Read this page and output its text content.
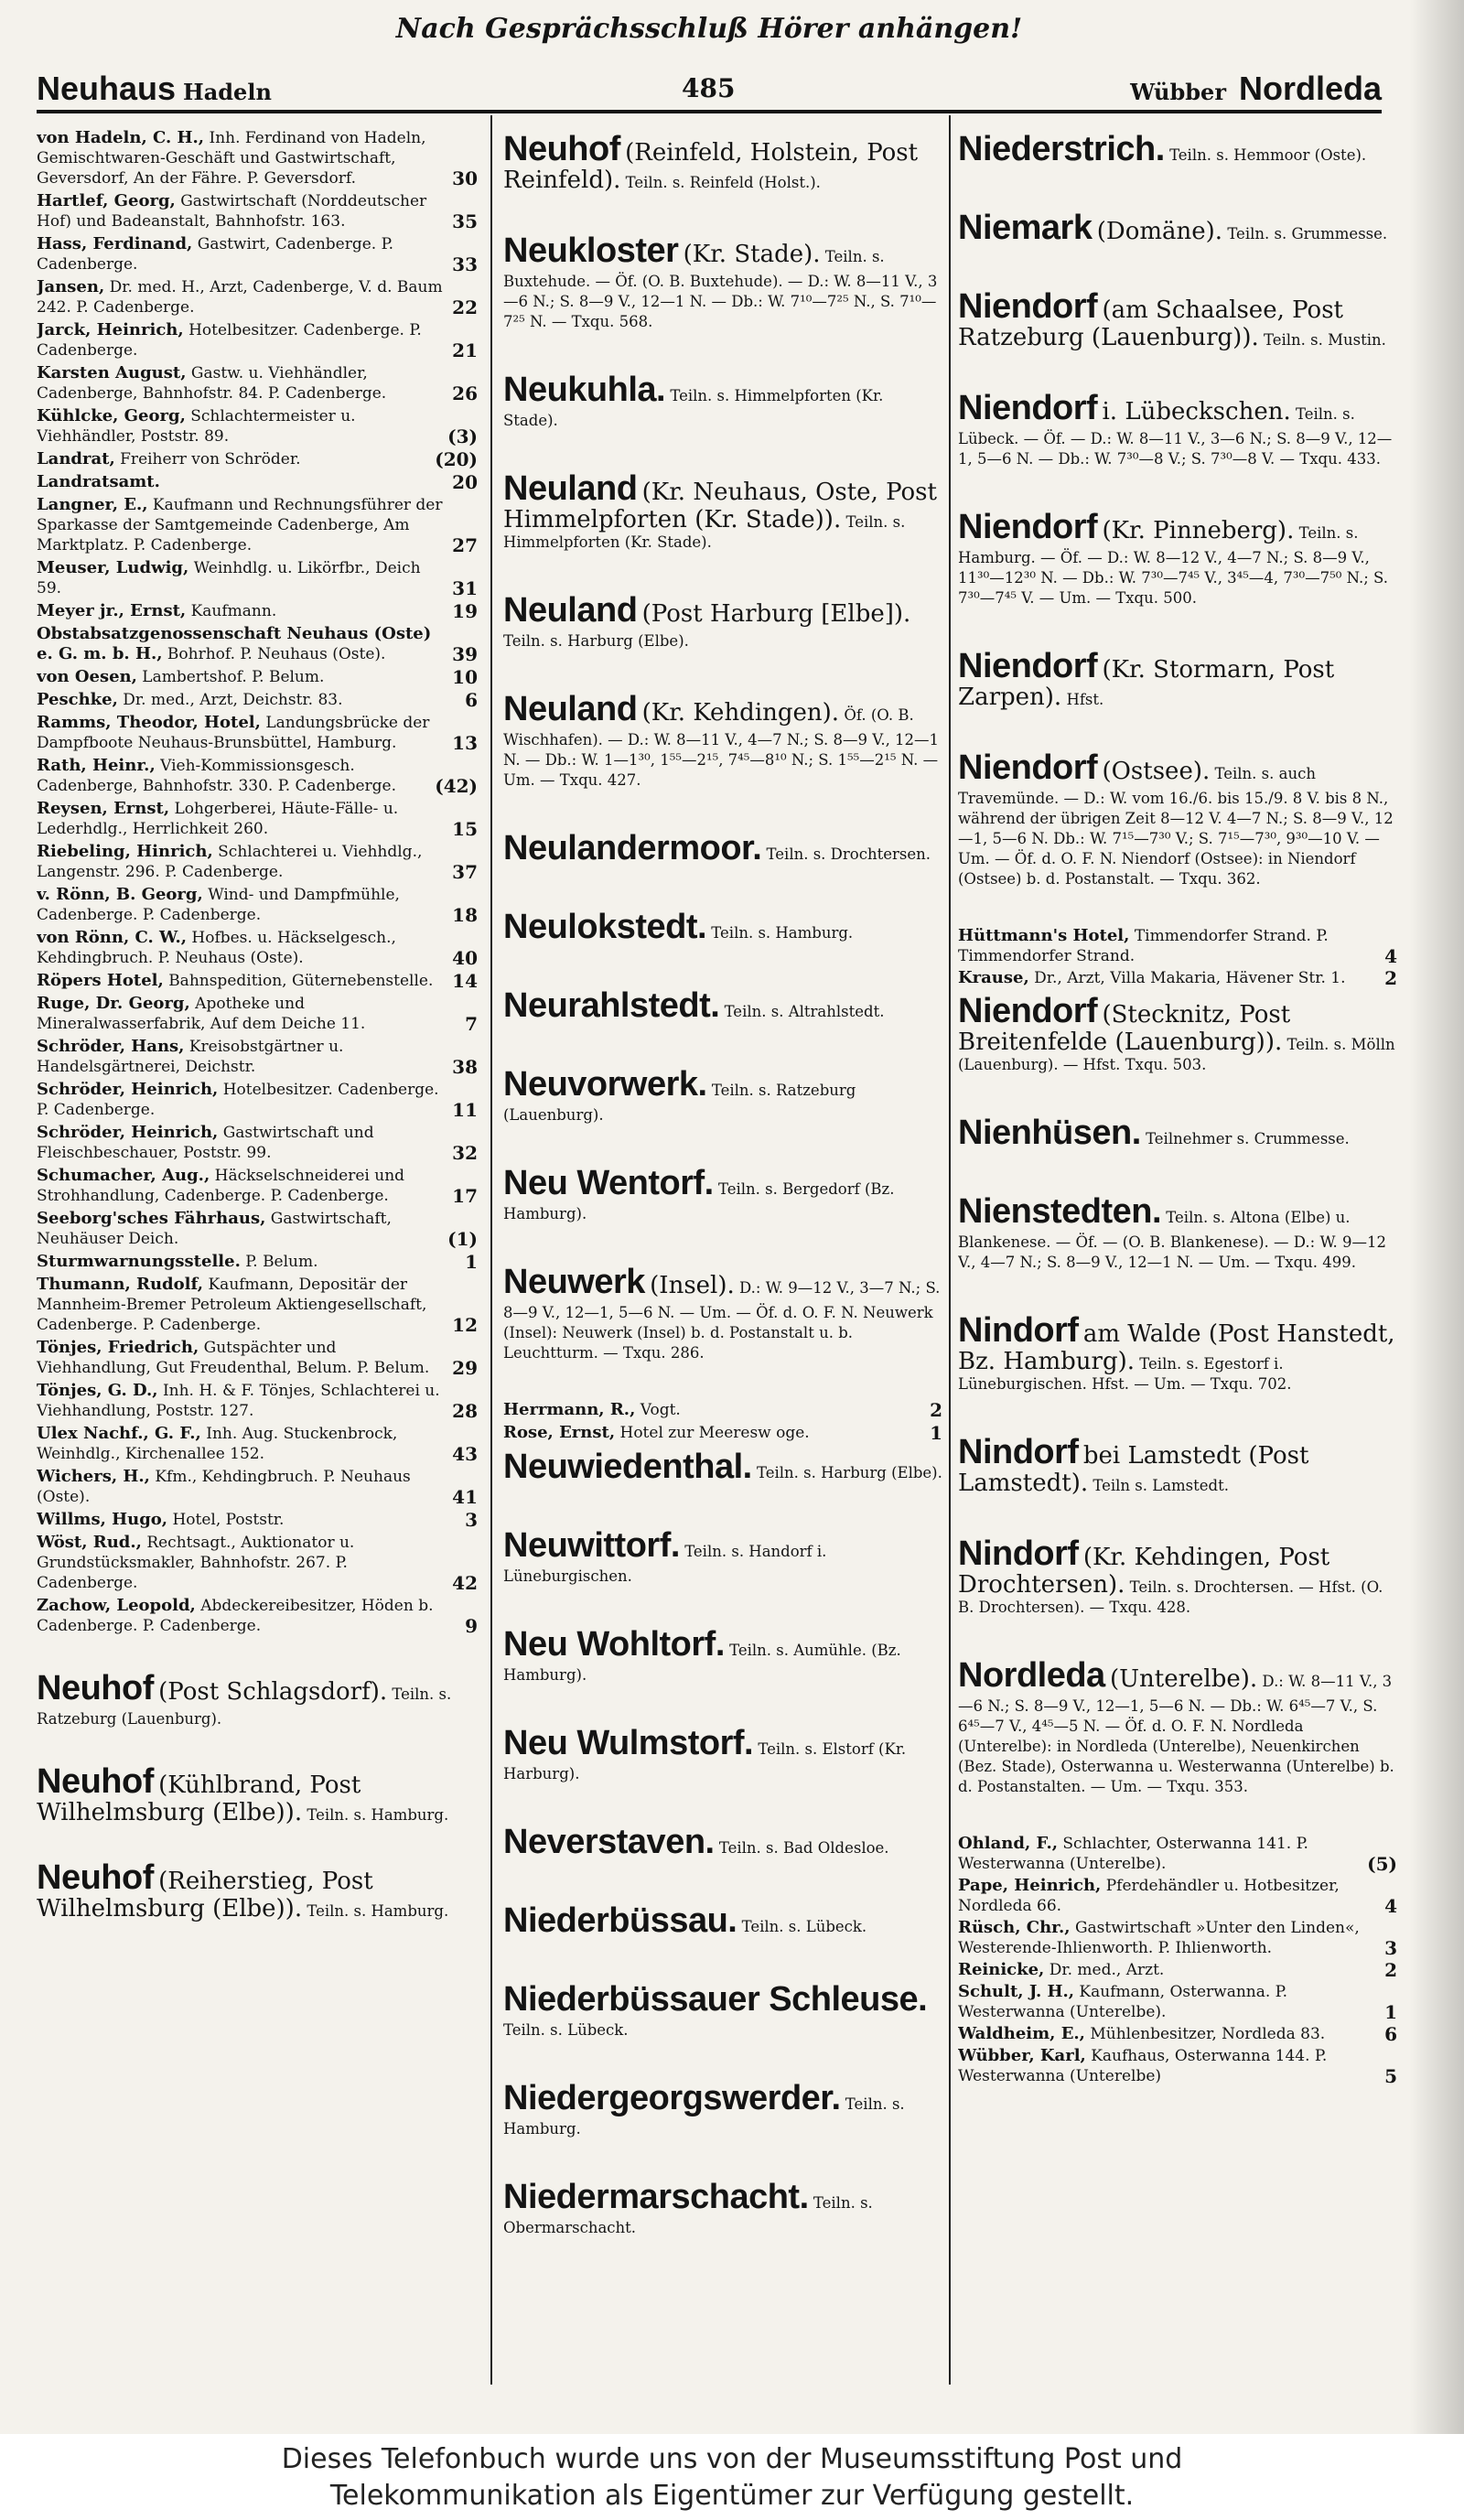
Nach Gesprächsschluß Hörer anhängen!
Neuhaus Hadeln	485	Wübber Nordleda
von Hadeln, C. H., Inh. Ferdinand von Hadeln, Gemischtwaren-Geschäft und Gastwirtschaft, Geversdorf, An der Fähre. P. Geversdorf.	30
Hartlef, Georg, Gastwirtschaft (Norddeutscher Hof) und Badeanstalt, Bahnhofstr. 163.	35
Hass, Ferdinand, Gastwirt, Cadenberge. P. Cadenberge.	33
Jansen, Dr. med. H., Arzt, Cadenberge, V. d. Baum 242. P. Cadenberge.	22
Jarck, Heinrich, Hotelbesitzer. Cadenberge. P. Cadenberge.	21
Karsten August, Gastw. u. Viehhändler, Cadenberge, Bahnhofstr. 84. P. Cadenberge.	26
Kühlcke, Georg, Schlachtermeister u. Viehhändler, Poststr. 89.	(3)
Landrat, Freiherr von Schröder.	(20)
Landratsamt.	20
Langner, E., Kaufmann und Rechnungsführer der Sparkasse der Samtgemeinde Cadenberge, Am Marktplatz. P. Cadenberge.	27
Meuser, Ludwig, Weinhdlg. u. Likörfbr., Deich 59.	31
Meyer jr., Ernst, Kaufmann.	19
Obstabsatzgenossenschaft Neuhaus (Oste) e. G. m. b. H., Bohrhof. P. Neuhaus (Oste).	39
von Oesen, Lambertshof. P. Belum.	10
Peschke, Dr. med., Arzt, Deichstr. 83.	6
Ramms, Theodor, Hotel, Landungsbrücke der Dampfboote Neuhaus-Brunsbüttel, Hamburg.	13
Rath, Heinr., Vieh-Kommissionsgesch. Cadenberge, Bahnhofstr. 330. P. Cadenberge. (42)
Reysen, Ernst, Lohgerberei, Häute-Fälle- u. Lederhdlg., Herrlichkeit 260.	15
Riebeling, Hinrich, Schlachterei u. Viehhdlg., Langenstr. 296. P. Cadenberge.	37
v. Rönn, B. Georg, Wind- und Dampfmühle, Cadenberge. P. Cadenberge.	18
von Rönn, C. W., Hofbes. u. Häckselgesch., Kehdingbruch. P. Neuhaus (Oste).	40
Röpers Hotel, Bahnspedition, Güternebenstelle. 14
Ruge, Dr. Georg, Apotheke und Mineralwasserfabrik, Auf dem Deiche 11.	7
Schröder, Hans, Kreisobstgärtner u. Handelsgärtnerei, Deichstr.	38
Schröder, Heinrich, Hotelbesitzer. Cadenberge. P. Cadenberge.	11
Schröder, Heinrich, Gastwirtschaft und Fleischbeschauer, Poststr. 99.	32
Schumacher, Aug., Häckselschneiderei und Strohhandlung, Cadenberge. P. Cadenberge.	17
Seeborg'sches Fährhaus, Gastwirtschaft, Neuhäuser Deich.	(1)
Sturmwarnungsstelle. P. Belum.	1
Thumann, Rudolf, Kaufmann, Depositär der Mannheim-Bremer Petroleum Aktiengesellschaft, Cadenberge. P. Cadenberge.	12
Tönjes, Friedrich, Gutspächter und Viehhandlung, Gut Freudenthal, Belum. P. Belum. 29
Tönjes, G. D., Inh. H. & F. Tönjes, Schlachterei u. Viehhandlung, Poststr. 127.	28
Ulex Nachf., G. F., Inh. Aug. Stuckenbrock, Weinhdlg., Kirchenallee 152.	43
Wichers, H., Kfm., Kehdingbruch. P. Neuhaus (Oste).	41
Willms, Hugo, Hotel, Poststr.	3
Wöst, Rud., Rechtsagt., Auktionator u. Grundstücksmakler, Bahnhofstr. 267. P. Cadenberge.	42
Zachow, Leopold, Abdeckereibesitzer, Höden b. Cadenberge. P. Cadenberge.	9
Neuhof (Post Schlagsdorf). Teiln. s. Ratzeburg (Lauenburg).
Neuhof (Kühlbrand, Post Wilhelmsburg (Elbe)). Teiln. s. Hamburg.
Neuhof (Reiherstieg, Post Wilhelmsburg (Elbe)). Teiln. s. Hamburg.
Neuhof (Reinfeld, Holstein, Post Reinfeld). Teiln. s. Reinfeld (Holst.).
Neukloster (Kr. Stade). Teiln. s. Buxtehude. — Öf. (O. B. Buxtehude). — D.: W. 8—11 V., 3—6 N.; S. 8—9 V., 12—1 N. — Db.: W. 7¹⁰—7²⁵ N., S. 7¹⁰—7²⁵ N. — Txqu. 568.
Neukuhla. Teiln. s. Himmelpforten (Kr. Stade).
Neuland (Kr. Neuhaus, Oste, Post Himmelpforten (Kr. Stade)). Teiln. s. Himmelpforten (Kr. Stade).
Neuland (Post Harburg [Elbe]). Teiln. s. Harburg (Elbe).
Neuland (Kr. Kehdingen). Öf. (O. B. Wischhafen). — D.: W. 8—11 V., 4—7 N.; S. 8—9 V., 12—1 N. — Db.: W. 1—1³⁰, 1⁵⁵—2¹⁵, 7⁴⁵—8¹⁰ N.; S. 1⁵⁵—2¹⁵ N. — Um. — Txqu. 427.
Neulandermoor. Teiln. s. Drochtersen.
Neulokstedt. Teiln. s. Hamburg.
Neurahlstedt. Teiln. s. Altrahlstedt.
Neuvorwerk. Teiln. s. Ratzeburg (Lauenburg).
Neu Wentorf. Teiln. s. Bergedorf (Bz. Hamburg).
Neuwerk (Insel). D.: W. 9—12 V., 3—7 N.; S. 8—9 V., 12—1, 5—6 N. — Um. — Öf. d. O. F. N. Neuwerk (Insel): Neuwerk (Insel) b. d. Postanstalt u. b. Leuchtturm. — Txqu. 286.
Herrmann, R., Vogt.	2
Rose, Ernst, Hotel zur Meeresw oge.	1
Neuwiedenthal. Teiln. s. Harburg (Elbe).
Neuwittorf. Teiln. s. Handorf i. Lüneburgischen.
Neu Wohltorf. Teiln. s. Aumühle. (Bz. Hamburg).
Neu Wulmstorf. Teiln. s. Elstorf (Kr. Harburg).
Neverstaven. Teiln. s. Bad Oldesloe.
Niederbüssau. Teiln. s. Lübeck.
Niederbüssauer Schleuse. Teiln. s. Lübeck.
Niedergeorgswerder. Teiln. s. Hamburg.
Niedermarschacht. Teiln. s. Obermarschacht.
Niederstrich. Teiln. s. Hemmoor (Oste).
Niemark (Domäne). Teiln. s. Grummesse.
Niendorf (am Schaalsee, Post Ratzeburg (Lauenburg)). Teiln. s. Mustin.
Niendorf i. Lübeckschen. Teiln. s. Lübeck. — Öf. — D.: W. 8—11 V., 3—6 N.; S. 8—9 V., 12—1, 5—6 N. — Db.: W. 7³⁰—8 V.; S. 7³⁰—8 V. — Txqu. 433.
Niendorf (Kr. Pinneberg). Teiln. s. Hamburg. — Öf. — D.: W. 8—12 V., 4—7 N.; S. 8—9 V., 11³⁰—12³⁰ N. — Db.: W. 7³⁰—7⁴⁵ V., 3⁴⁵—4, 7³⁰—7⁵⁰ N.; S. 7³⁰—7⁴⁵ V. — Um. — Txqu. 500.
Niendorf (Kr. Stormarn, Post Zarpen). Hfst.
Niendorf (Ostsee). Teiln. s. auch Travemünde. — D.: W. vom 16./6. bis 15./9. 8 V. bis 8 N., während der übrigen Zeit 8—12 V. 4—7 N.; S. 8—9 V., 12—1, 5—6 N. Db.: W. 7¹⁵—7³⁰ V.; S. 7¹⁵—7³⁰, 9³⁰—10 V. — Um. — Öf. d. O. F. N. Niendorf (Ostsee): in Niendorf (Ostsee) b. d. Postanstalt. — Txqu. 362.
Hüttmann's Hotel, Timmendorfer Strand. P. Timmendorfer Strand.	4
Krause, Dr., Arzt, Villa Makaria, Hävener Str. 1. 2
Niendorf (Stecknitz, Post Breitenfelde (Lauenburg)). Teiln. s. Mölln (Lauenburg). — Hfst. Txqu. 503.
Nienhüsen. Teilnehmer s. Crummesse.
Nienstedten. Teiln. s. Altona (Elbe) u. Blankenese. — Öf. — (O. B. Blankenese). — D.: W. 9—12 V., 4—7 N.; S. 8—9 V., 12—1 N. — Um. — Txqu. 499.
Nindorf am Walde (Post Hanstedt, Bz. Hamburg). Teiln. s. Egestorf i. Lüneburgischen. Hfst. — Um. — Txqu. 702.
Nindorf bei Lamstedt (Post Lamstedt). Teiln s. Lamstedt.
Nindorf (Kr. Kehdingen, Post Drochtersen). Teiln. s. Drochtersen. — Hfst. (O. B. Drochtersen). — Txqu. 428.
Nordleda (Unterelbe). D.: W. 8—11 V., 3—6 N.; S. 8—9 V., 12—1, 5—6 N. — Db.: W. 6⁴⁵—7 V., S. 6⁴⁵—7 V., 4⁴⁵—5 N. — Öf. d. O. F. N. Nordleda (Unterelbe): in Nordleda (Unterelbe), Neuenkirchen (Bez. Stade), Osterwanna u. Westerwanna (Unterelbe) b. d. Postanstalten. — Um. — Txqu. 353.
Ohland, F., Schlachter, Osterwanna 141. P. Westerwanna (Unterelbe).	(5)
Pape, Heinrich, Pferdehändler u. Hotbesitzer, Nordleda 66.	4
Rüsch, Chr., Gastwirtschaft »Unter den Linden«, Westerende-Ihlienworth. P. Ihlienworth.	3
Reinicke, Dr. med., Arzt.	2
Schult, J. H., Kaufmann, Osterwanna. P. Westerwanna (Unterelbe).	1
Waldheim, E., Mühlenbesitzer, Nordleda 83.	6
Wübber, Karl, Kaufhaus, Osterwanna 144. P. Westerwanna (Unterelbe)	5
Dieses Telefonbuch wurde uns von der Museumsstiftung Post und
Telekommunikation als Eigentümer zur Verfügung gestellt.
